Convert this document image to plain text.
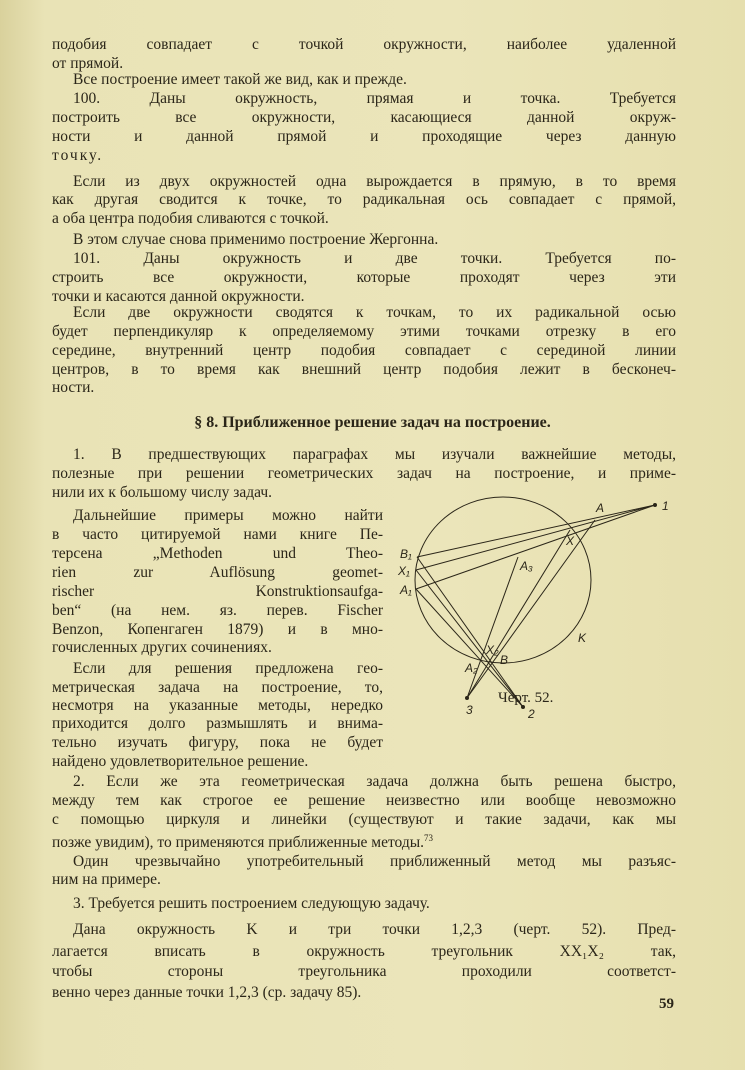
подобия совпадает с точкой окружности, наиболее удаленной
от прямой.
Все построение имеет такой же вид, как и прежде.
100. Даны окружность, прямая и точка. Требуется
построить все окружности, касающиеся данной окруж-
ности и данной прямой и проходящие через данную
точку.
Если из двух окружностей одна вырождается в прямую, в то время
как другая сводится к точке, то радикальная ось совпадает с прямой,
а оба центра подобия сливаются с точкой.
В этом случае снова применимо построение Жергонна.
101. Даны окружность и две точки. Требуется по-
строить все окружности, которые проходят через эти
точки и касаются данной окружности.
Если две окружности сводятся к точкам, то их радикальной осью
будет перпендикуляр к определяемому этими точками отрезку в его
середине, внутренний центр подобия совпадает с серединой линии
центров, в то время как внешний центр подобия лежит в бесконеч-
ности.
§ 8. Приближенное решение задач на построение.
1. В предшествующих параграфах мы изучали важнейшие методы,
полезные при решении геометрических задач на построение, и приме-
нили их к большому числу задач.
Дальнейшие примеры можно найти
в часто цитируемой нами книге Пе-
терсена „Methoden und Theo-
rien zur Auflösung geomet-
rischer Konstruktionsaufga-
ben“ (на нем. яз. перев. Fischer
Benzon, Копенгаген 1879) и в мно-
гочисленных других сочинениях.
Если для решения предложена гео-
метрическая задача на построение, то,
несмотря на указанные методы, нередко
приходится долго размышлять и внима-
тельно изучать фигуру, пока не будет
найдено удовлетворительное решение.
2. Если же эта геометрическая задача должна быть решена быстро,
между тем как строгое ее решение неизвестно или вообще невозможно
с помощью циркуля и линейки (существуют и такие задачи, как мы
позже увидим), то применяются приближенные методы.$^{73}$
Один чрезвычайно употребительный приближенный метод мы разъяс-
ним на примере.
3. Требуется решить построением следующую задачу.
Дана окружность K и три точки 1,2,3 (черт. 52). Пред-
лагается вписать в окружность треугольник XX₁X₂ так,
чтобы стороны треугольника проходили соответст-
венно через данные точки 1,2,3 (ср. задачу 85).
1
2
3
A
X
B₁
X₁
A₁
A₃
X₂
B
A₂
K
Черт. 52.
59
